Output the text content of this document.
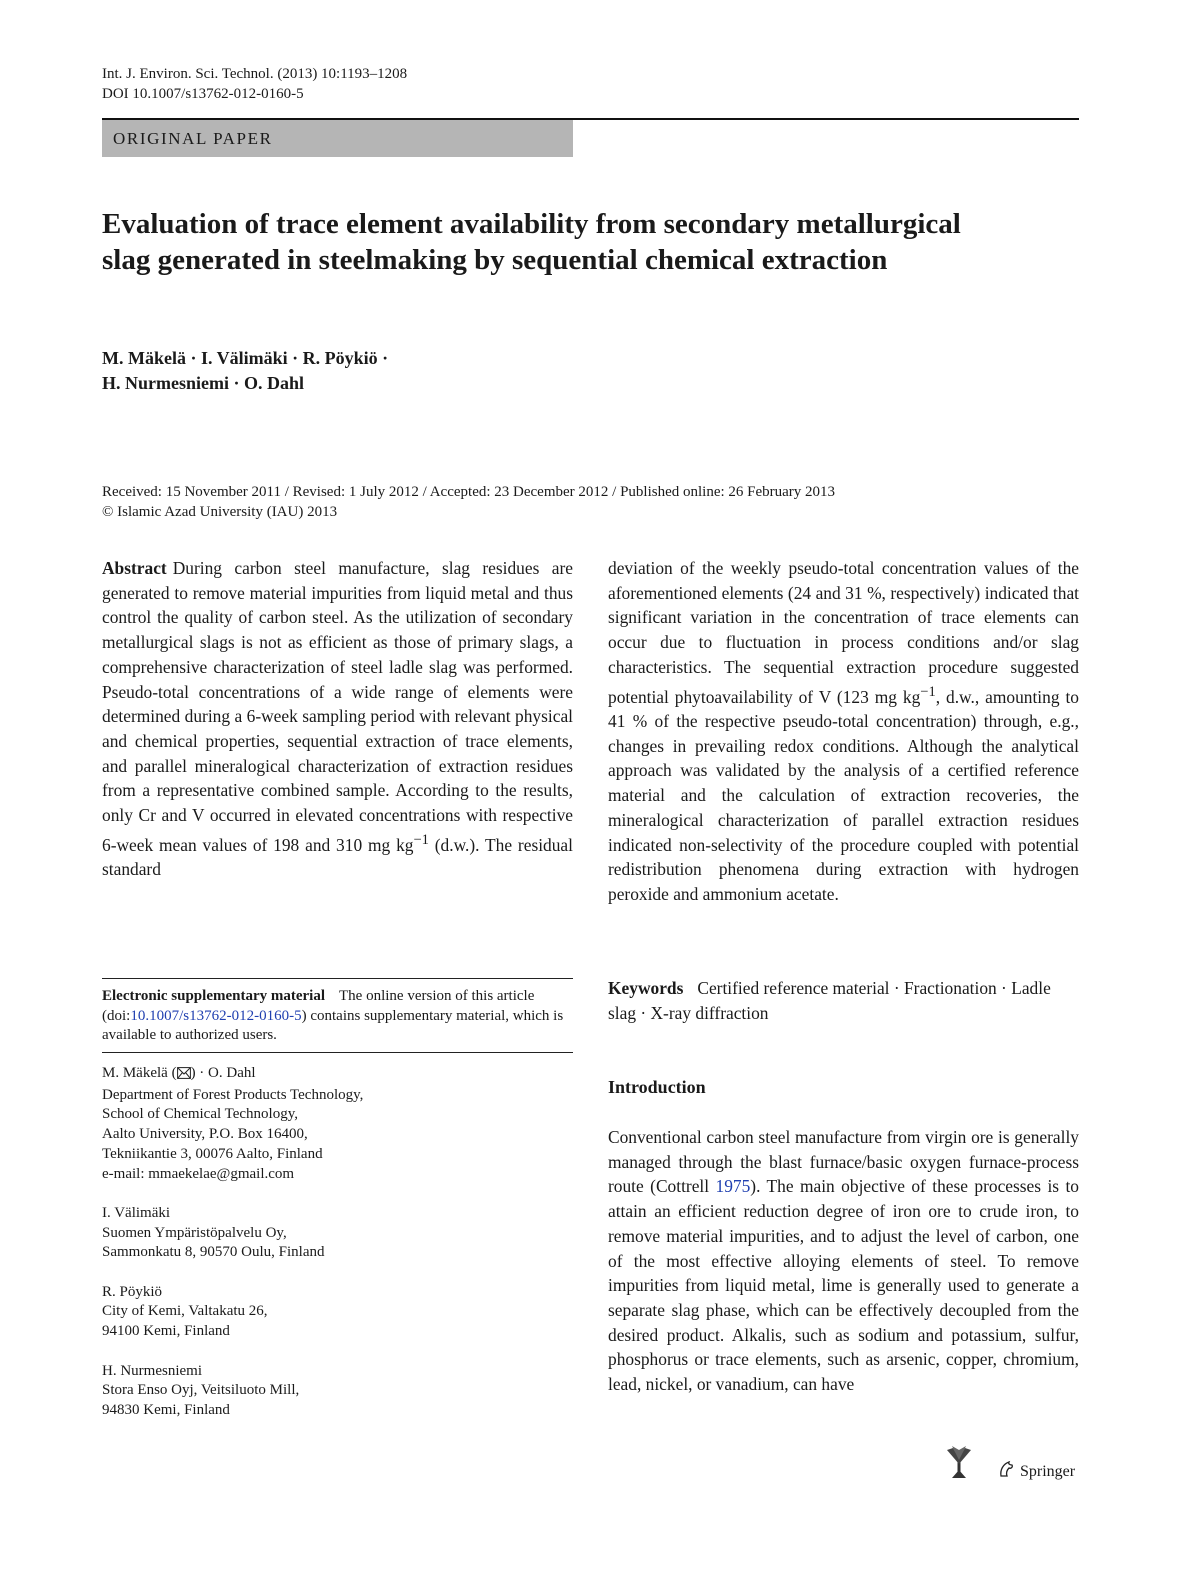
Int. J. Environ. Sci. Technol. (2013) 10:1193–1208
DOI 10.1007/s13762-012-0160-5
ORIGINAL PAPER
Evaluation of trace element availability from secondary metallurgical slag generated in steelmaking by sequential chemical extraction
M. Mäkelä · I. Välimäki · R. Pöykiö ·
H. Nurmesniemi · O. Dahl
Received: 15 November 2011 / Revised: 1 July 2012 / Accepted: 23 December 2012 / Published online: 26 February 2013
© Islamic Azad University (IAU) 2013

Abstract During carbon steel manufacture, slag residues are generated to remove material impurities from liquid metal and thus control the quality of carbon steel. As the utilization of secondary metallurgical slags is not as efficient as those of primary slags, a comprehensive characterization of steel ladle slag was performed. Pseudo-total concentrations of a wide range of elements were determined during a 6-week sampling period with relevant physical and chemical properties, sequential extraction of trace elements, and parallel mineralogical characterization of extraction residues from a representative combined sample. According to the results, only Cr and V occurred in elevated concentrations with respective 6-week mean values of 198 and 310 mg $kg^{-1}$ (d.w.). The residual standard

deviation of the weekly pseudo-total concentration values of the aforementioned elements (24 and 31 %, respectively) indicated that significant variation in the concentration of trace elements can occur due to fluctuation in process conditions and/or slag characteristics. The sequential extraction procedure suggested potential phytoavailability of V (123 mg $kg^{-1}$, d.w., amounting to 41 % of the respective pseudo-total concentration) through, e.g., changes in prevailing redox conditions. Although the analytical approach was validated by the analysis of a certified reference material and the calculation of extraction recoveries, the mineralogical characterization of parallel extraction residues indicated non-selectivity of the procedure coupled with potential redistribution phenomena during extraction with hydrogen peroxide and ammonium acetate.

Keywords Certified reference material · Fractionation · Ladle slag · X-ray diffraction

Electronic supplementary material The online version of this article (doi:10.1007/s13762-012-0160-5) contains supplementary material, which is available to authorized users.

M. Mäkelä ( ) · O. Dahl
Department of Forest Products Technology,
School of Chemical Technology,
Aalto University, P.O. Box 16400,
Tekniikantie 3, 00076 Aalto, Finland
e-mail: mmaekelae@gmail.com
I. Välimäki
Suomen Ympäristöpalvelu Oy,
Sammonkatu 8, 90570 Oulu, Finland
R. Pöykiö
City of Kemi, Valtakatu 26,
94100 Kemi, Finland
H. Nurmesniemi
Stora Enso Oyj, Veitsiluoto Mill,
94830 Kemi, Finland
Introduction

Conventional carbon steel manufacture from virgin ore is generally managed through the blast furnace/basic oxygen furnace-process route (Cottrell 1975). The main objective of these processes is to attain an efficient reduction degree of iron ore to crude iron, to remove material impurities, and to adjust the level of carbon, one of the most effective alloying elements of steel. To remove impurities from liquid metal, lime is generally used to generate a separate slag phase, which can be effectively decoupled from the desired product. Alkalis, such as sodium and potassium, sulfur, phosphorus or trace elements, such as arsenic, copper, chromium, lead, nickel, or vanadium, can have

Springer
